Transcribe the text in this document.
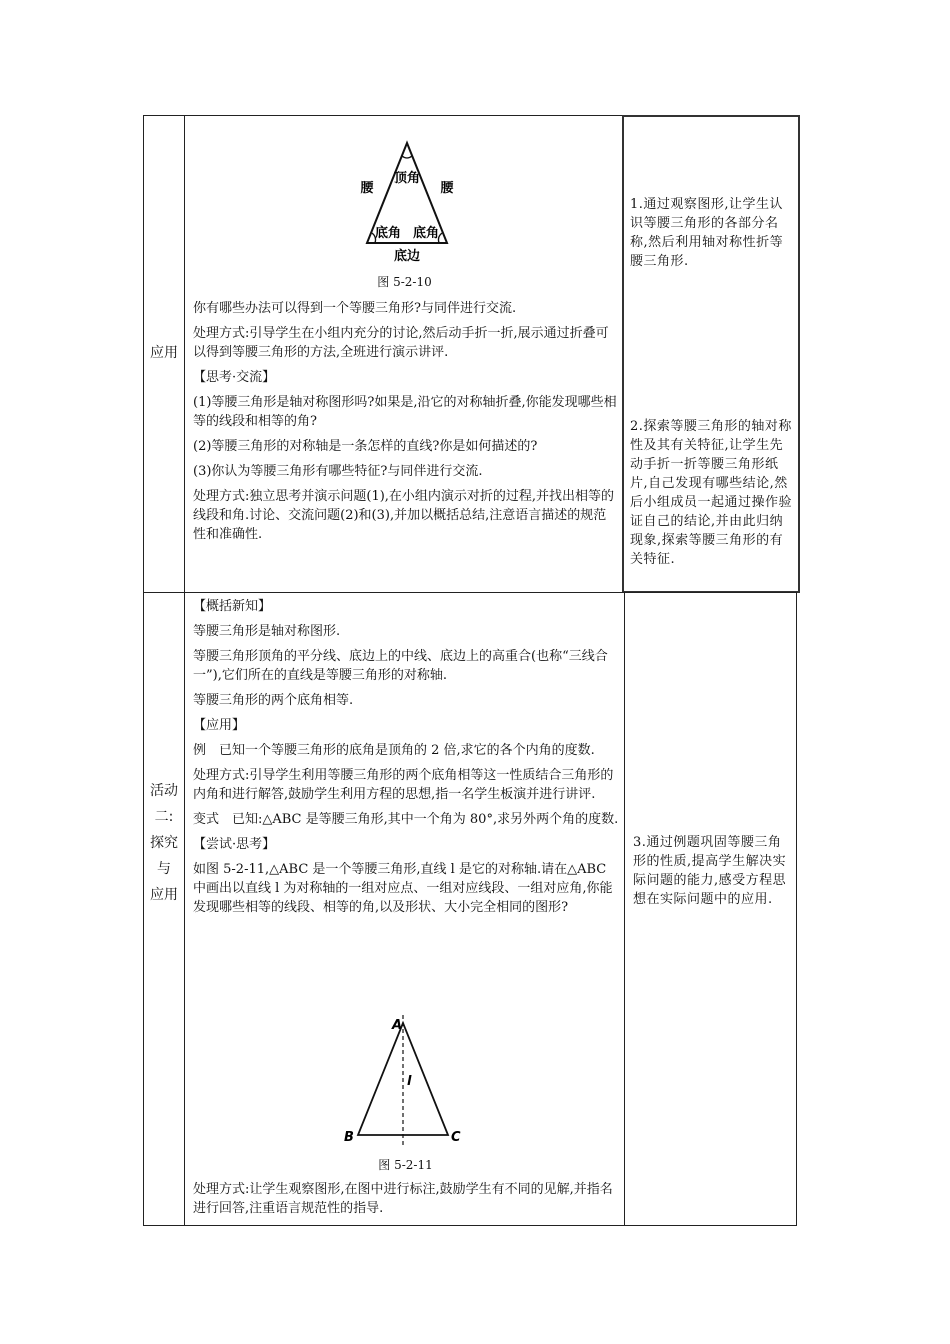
应用
腰
顶角
腰
底角 底角
底边
图 5-2-10

你有哪些办法可以得到一个等腰三角形?与同伴进行交流.

处理方式:引导学生在小组内充分的讨论,然后动手折一折,展示通过折叠可以得到等腰三角形的方法,全班进行演示讲评.

【思考·交流】

(1)等腰三角形是轴对称图形吗?如果是,沿它的对称轴折叠,你能发现哪些相等的线段和相等的角?

(2)等腰三角形的对称轴是一条怎样的直线?你是如何描述的?

(3)你认为等腰三角形有哪些特征?与同伴进行交流.

处理方式:独立思考并演示问题(1),在小组内演示对折的过程,并找出相等的线段和角.讨论、交流问题(2)和(3),并加以概括总结,注意语言描述的规范性和准确性.

1.通过观察图形,让学生认识等腰三角形的各部分名称,然后利用轴对称性折等腰三角形.
2.探索等腰三角形的轴对称性及其有关特征,让学生先动手折一折等腰三角形纸片,自己发现有哪些结论,然后小组成员一起通过操作验证自己的结论,并由此归纳现象,探索等腰三角形的有关特征.
活动
二:
探究
与
应用

【概括新知】

等腰三角形是轴对称图形.

等腰三角形顶角的平分线、底边上的中线、底边上的高重合(也称“三线合一”),它们所在的直线是等腰三角形的对称轴.

等腰三角形的两个底角相等.

【应用】

例　已知一个等腰三角形的底角是顶角的 2 倍,求它的各个内角的度数.

处理方式:引导学生利用等腰三角形的两个底角相等这一性质结合三角形的内角和进行解答,鼓励学生利用方程的思想,指一名学生板演并进行讲评.

变式　已知:△ABC 是等腰三角形,其中一个角为 80°,求另外两个角的度数.

【尝试·思考】

如图 5-2-11,△ABC 是一个等腰三角形,直线 l 是它的对称轴.请在△ABC 中画出以直线 l 为对称轴的一组对应点、一组对应线段、一组对应角,你能发现哪些相等的线段、相等的角,以及形状、大小完全相同的图形?

A
B	C
l
图 5-2-11

处理方式:让学生观察图形,在图中进行标注,鼓励学生有不同的见解,并指名进行回答,注重语言规范性的指导.

3.通过例题巩固等腰三角形的性质,提高学生解决实际问题的能力,感受方程思想在实际问题中的应用.
